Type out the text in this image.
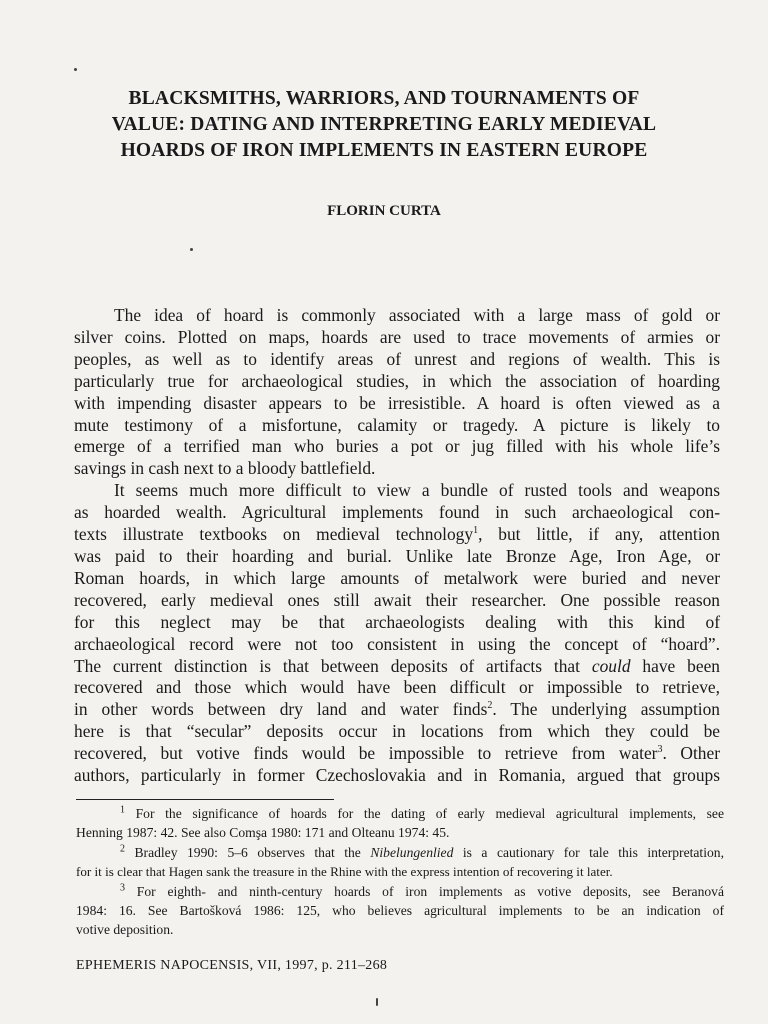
BLACKSMITHS, WARRIORS, AND TOURNAMENTS OF
VALUE: DATING AND INTERPRETING EARLY MEDIEVAL
HOARDS OF IRON IMPLEMENTS IN EASTERN EUROPE
FLORIN CURTA
The idea of hoard is commonly associated with a large mass of gold or
silver coins. Plotted on maps, hoards are used to trace movements of armies or
peoples, as well as to identify areas of unrest and regions of wealth. This is
particularly true for archaeological studies, in which the association of hoarding
with impending disaster appears to be irresistible. A hoard is often viewed as a
mute testimony of a misfortune, calamity or tragedy. A picture is likely to
emerge of a terrified man who buries a pot or jug filled with his whole life’s
savings in cash next to a bloody battlefield.
It seems much more difficult to view a bundle of rusted tools and weapons
as hoarded wealth. Agricultural implements found in such archaeological con-
texts illustrate textbooks on medieval technology$^1$, but little, if any, attention
was paid to their hoarding and burial. Unlike late Bronze Age, Iron Age, or
Roman hoards, in which large amounts of metalwork were buried and never
recovered, early medieval ones still await their researcher. One possible reason
for this neglect may be that archaeologists dealing with this kind of
archaeological record were not too consistent in using the concept of “hoard”.
The current distinction is that between deposits of artifacts that could have been
recovered and those which would have been difficult or impossible to retrieve,
in other words between dry land and water finds$^2$. The underlying assumption
here is that “secular” deposits occur in locations from which they could be
recovered, but votive finds would be impossible to retrieve from water$^3$. Other
authors, particularly in former Czechoslovakia and in Romania, argued that groups
$^1$ For the significance of hoards for the dating of early medieval agricultural implements, see
Henning 1987: 42. See also Comşa 1980: 171 and Olteanu 1974: 45.
$^2$ Bradley 1990: 5–6 observes that the Nibelungenlied is a cautionary for tale this interpretation,
for it is clear that Hagen sank the treasure in the Rhine with the express intention of recovering it later.
$^3$ For eighth- and ninth-century hoards of iron implements as votive deposits, see Beranová
1984: 16. See Bartošková 1986: 125, who believes agricultural implements to be an indication of
votive deposition.
EPHEMERIS NAPOCENSIS, VII, 1997, p. 211–268
